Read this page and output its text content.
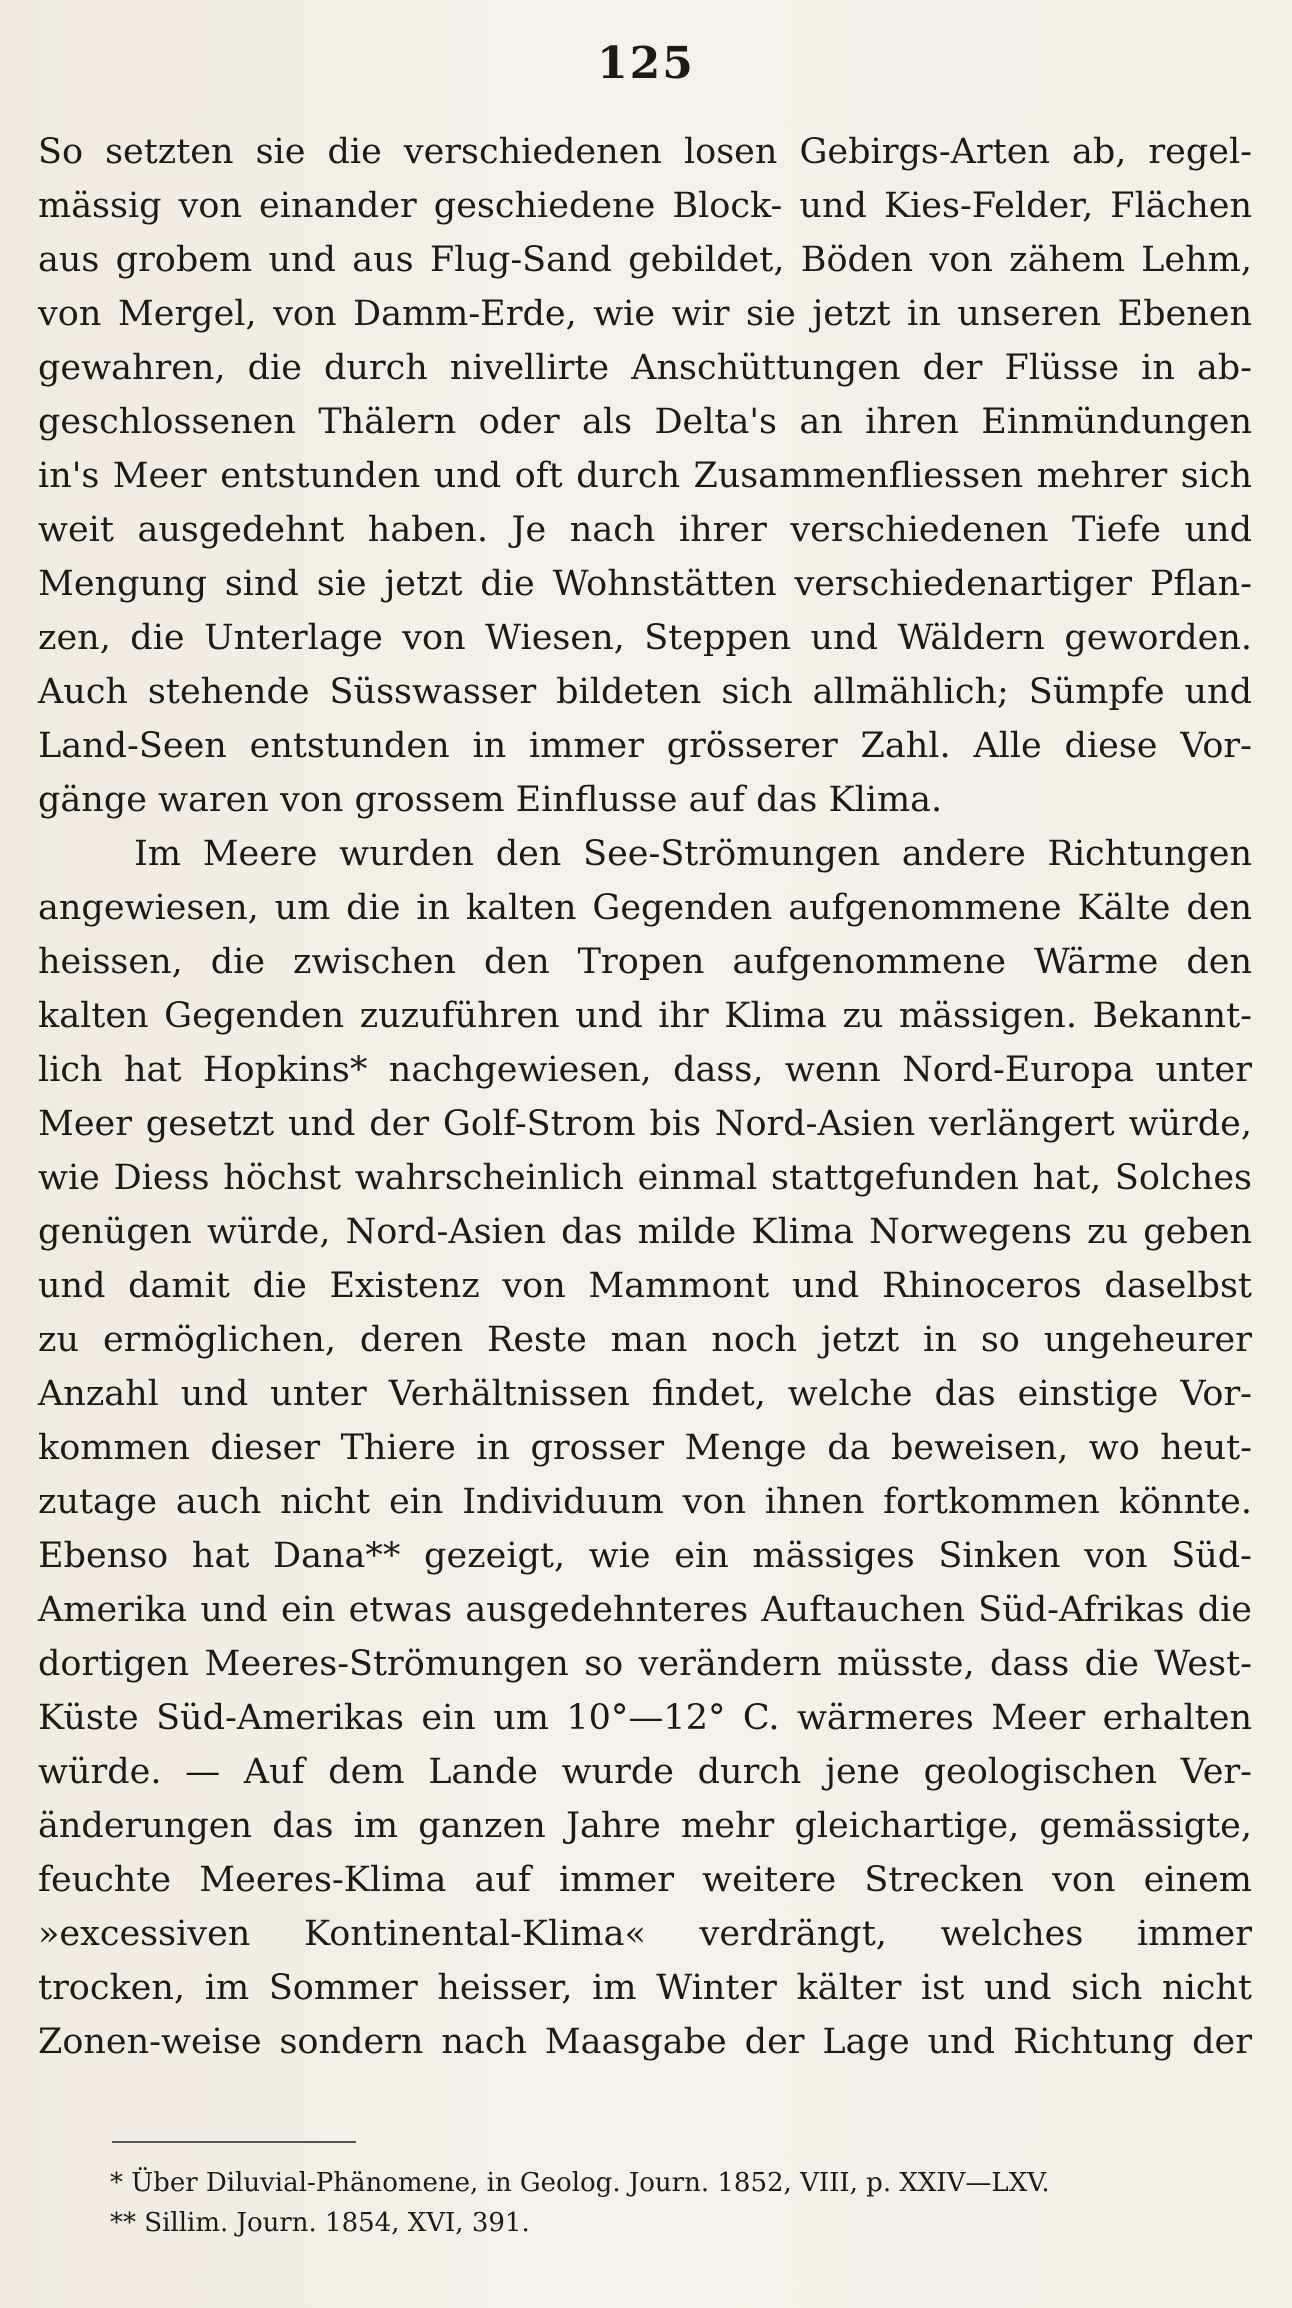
125
So setzten sie die verschiedenen losen Gebirgs-Arten ab, regel-
mässig von einander geschiedene Block- und Kies-Felder, Flächen
aus grobem und aus Flug-Sand gebildet, Böden von zähem Lehm,
von Mergel, von Damm-Erde, wie wir sie jetzt in unseren Ebenen
gewahren, die durch nivellirte Anschüttungen der Flüsse in ab-
geschlossenen Thälern oder als Delta's an ihren Einmündungen
in's Meer entstunden und oft durch Zusammenfliessen mehrer sich
weit ausgedehnt haben. Je nach ihrer verschiedenen Tiefe und
Mengung sind sie jetzt die Wohnstätten verschiedenartiger Pflan-
zen, die Unterlage von Wiesen, Steppen und Wäldern geworden.
Auch stehende Süsswasser bildeten sich allmählich; Sümpfe und
Land-Seen entstunden in immer grösserer Zahl. Alle diese Vor-
gänge waren von grossem Einflusse auf das Klima.
Im Meere wurden den See-Strömungen andere Richtungen
angewiesen, um die in kalten Gegenden aufgenommene Kälte den
heissen, die zwischen den Tropen aufgenommene Wärme den
kalten Gegenden zuzuführen und ihr Klima zu mässigen. Bekannt-
lich hat Hopkins* nachgewiesen, dass, wenn Nord-Europa unter
Meer gesetzt und der Golf-Strom bis Nord-Asien verlängert würde,
wie Diess höchst wahrscheinlich einmal stattgefunden hat, Solches
genügen würde, Nord-Asien das milde Klima Norwegens zu geben
und damit die Existenz von Mammont und Rhinoceros daselbst
zu ermöglichen, deren Reste man noch jetzt in so ungeheurer
Anzahl und unter Verhältnissen findet, welche das einstige Vor-
kommen dieser Thiere in grosser Menge da beweisen, wo heut-
zutage auch nicht ein Individuum von ihnen fortkommen könnte.
Ebenso hat Dana** gezeigt, wie ein mässiges Sinken von Süd-
Amerika und ein etwas ausgedehnteres Auftauchen Süd-Afrikas die
dortigen Meeres-Strömungen so verändern müsste, dass die West-
Küste Süd-Amerikas ein um 10°—12° C. wärmeres Meer erhalten
würde. — Auf dem Lande wurde durch jene geologischen Ver-
änderungen das im ganzen Jahre mehr gleichartige, gemässigte,
feuchte Meeres-Klima auf immer weitere Strecken von einem
»excessiven Kontinental-Klima« verdrängt, welches immer
trocken, im Sommer heisser, im Winter kälter ist und sich nicht
Zonen-weise sondern nach Maasgabe der Lage und Richtung der
* Über Diluvial-Phänomene, in Geolog. Journ. 1852, VIII, p. XXIV—LXV.
** Sillim. Journ. 1854, XVI, 391.
